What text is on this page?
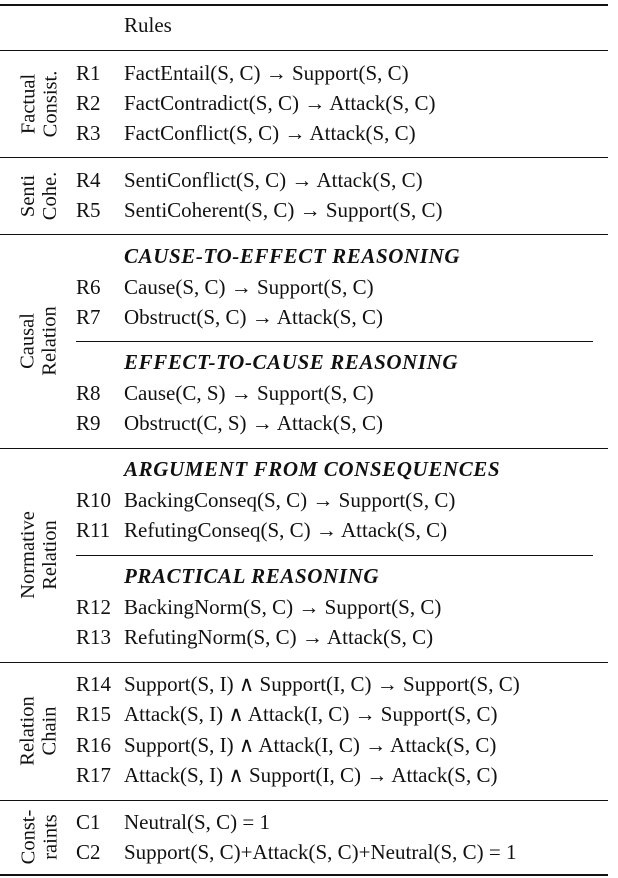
Rules
Factual Consist. R1 FactEntail(S, C) → Support(S, C)
R2 FactContradict(S, C) → Attack(S, C)
R3 FactConflict(S, C) → Attack(S, C)
Senti Cohe. R4 SentiConflict(S, C) → Attack(S, C)
R5 SentiCoherent(S, C) → Support(S, C)
Causal Relation
CAUSE-TO-EFFECT REASONING
R6 Cause(S, C) → Support(S, C)
R7 Obstruct(S, C) → Attack(S, C)
EFFECT-TO-CAUSE REASONING
R8 Cause(C, S) → Support(S, C)
R9 Obstruct(C, S) → Attack(S, C)
Normative Relation
ARGUMENT FROM CONSEQUENCES
R10 BackingConseq(S, C) → Support(S, C)
R11 RefutingConseq(S, C) → Attack(S, C)
PRACTICAL REASONING
R12 BackingNorm(S, C) → Support(S, C)
R13 RefutingNorm(S, C) → Attack(S, C)
Relation Chain
R14 Support(S, I) ∧ Support(I, C) → Support(S, C)
R15 Attack(S, I) ∧ Attack(I, C) → Support(S, C)
R16 Support(S, I) ∧ Attack(I, C) → Attack(S, C)
R17 Attack(S, I) ∧ Support(I, C) → Attack(S, C)
Const- raints C1 Neutral(S, C) = 1
C2 Support(S, C)+Attack(S, C)+Neutral(S, C) = 1
